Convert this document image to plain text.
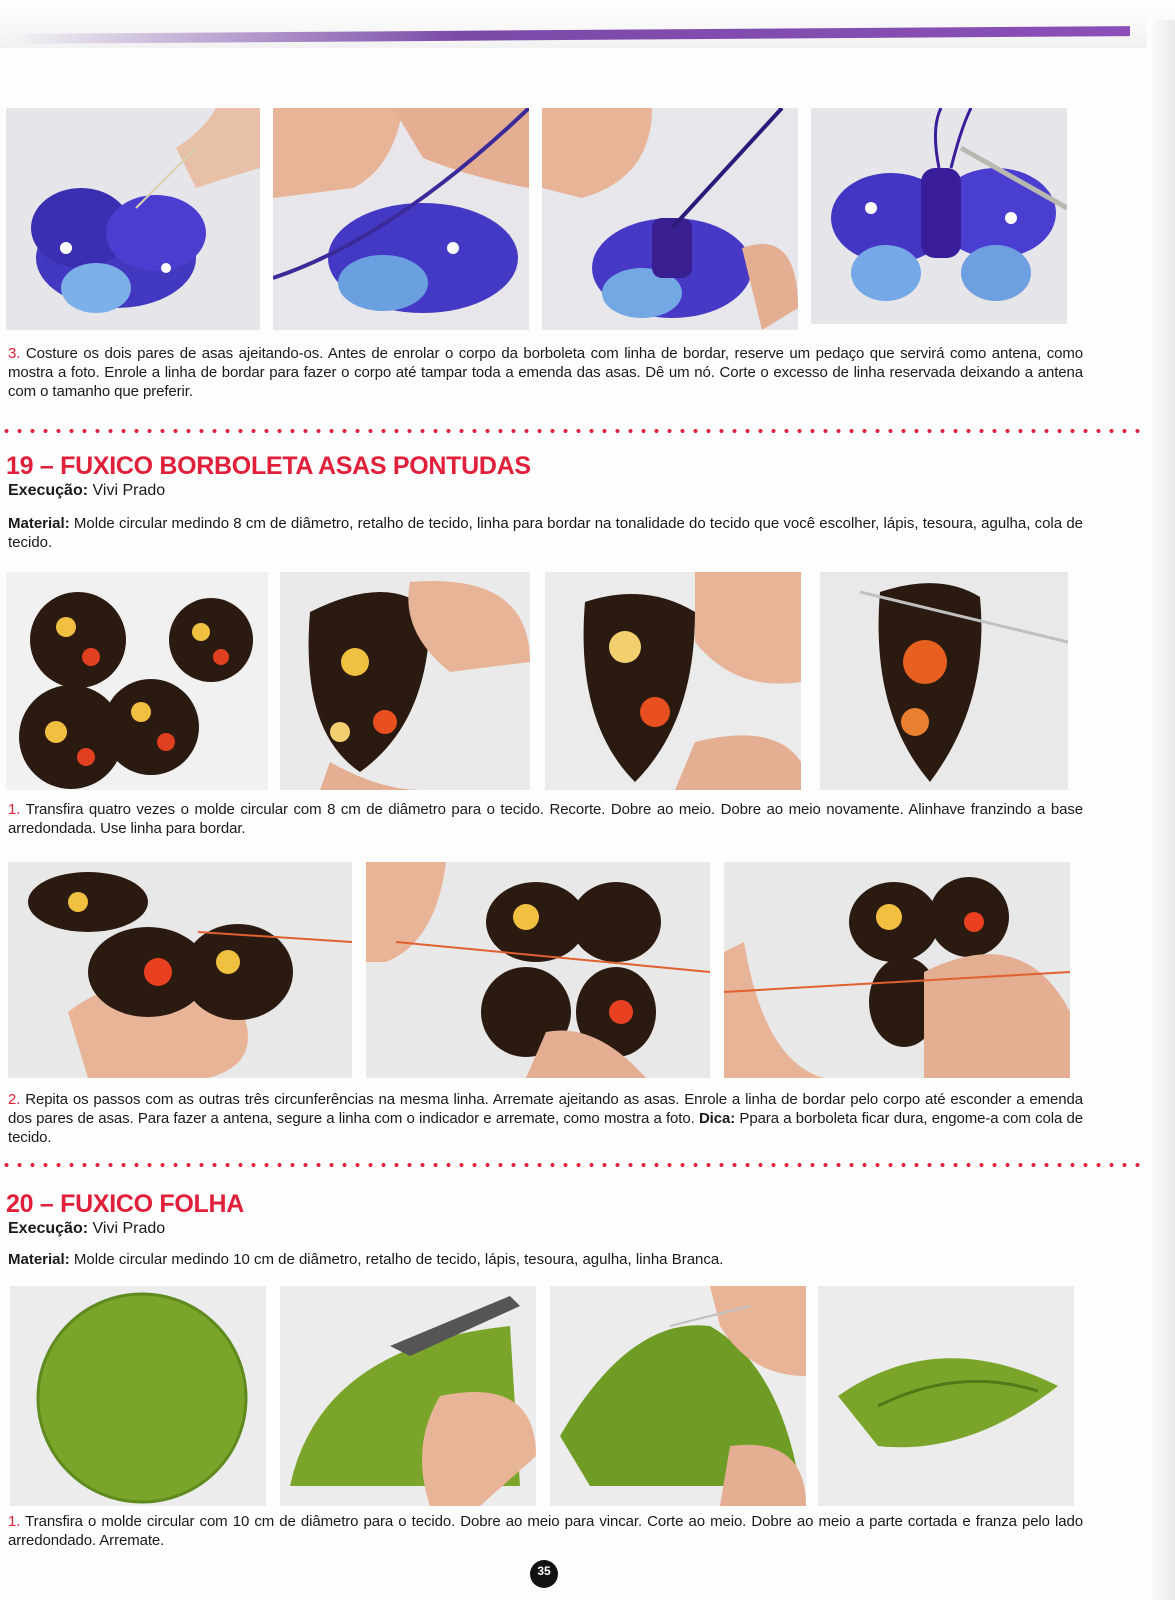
3. Costure os dois pares de asas ajeitando-os. Antes de enrolar o corpo da borboleta com linha de bordar, reserve um pedaço que servirá como antena, como mostra a foto. Enrole a linha de bordar para fazer o corpo até tampar toda a emenda das asas. Dê um nó. Corte o excesso de linha reservada deixando a antena com o tamanho que preferir.
19 – FUXICO BORBOLETA ASAS PONTUDAS
Execução: Vivi Prado
Material: Molde circular medindo 8 cm de diâmetro, retalho de tecido, linha para bordar na tonalidade do tecido que você escolher, lápis, tesoura, agulha, cola de tecido.
1. Transfira quatro vezes o molde circular com 8 cm de diâmetro para o tecido. Recorte. Dobre ao meio. Dobre ao meio novamente. Alinhave franzindo a base arredondada. Use linha para bordar.
2. Repita os passos com as outras três circunferências na mesma linha. Arremate ajeitando as asas. Enrole a linha de bordar pelo corpo até esconder a emenda dos pares de asas. Para fazer a antena, segure a linha com o indicador e arremate, como mostra a foto. Dica: Ppara a borboleta ficar dura, engome-a com cola de tecido.
20 – FUXICO FOLHA
Execução: Vivi Prado
Material: Molde circular medindo 10 cm de diâmetro, retalho de tecido, lápis, tesoura, agulha, linha Branca.
1. Transfira o molde circular com 10 cm de diâmetro para o tecido. Dobre ao meio para vincar. Corte ao meio. Dobre ao meio a parte cortada e franza pelo lado arredondado. Arremate.
35
